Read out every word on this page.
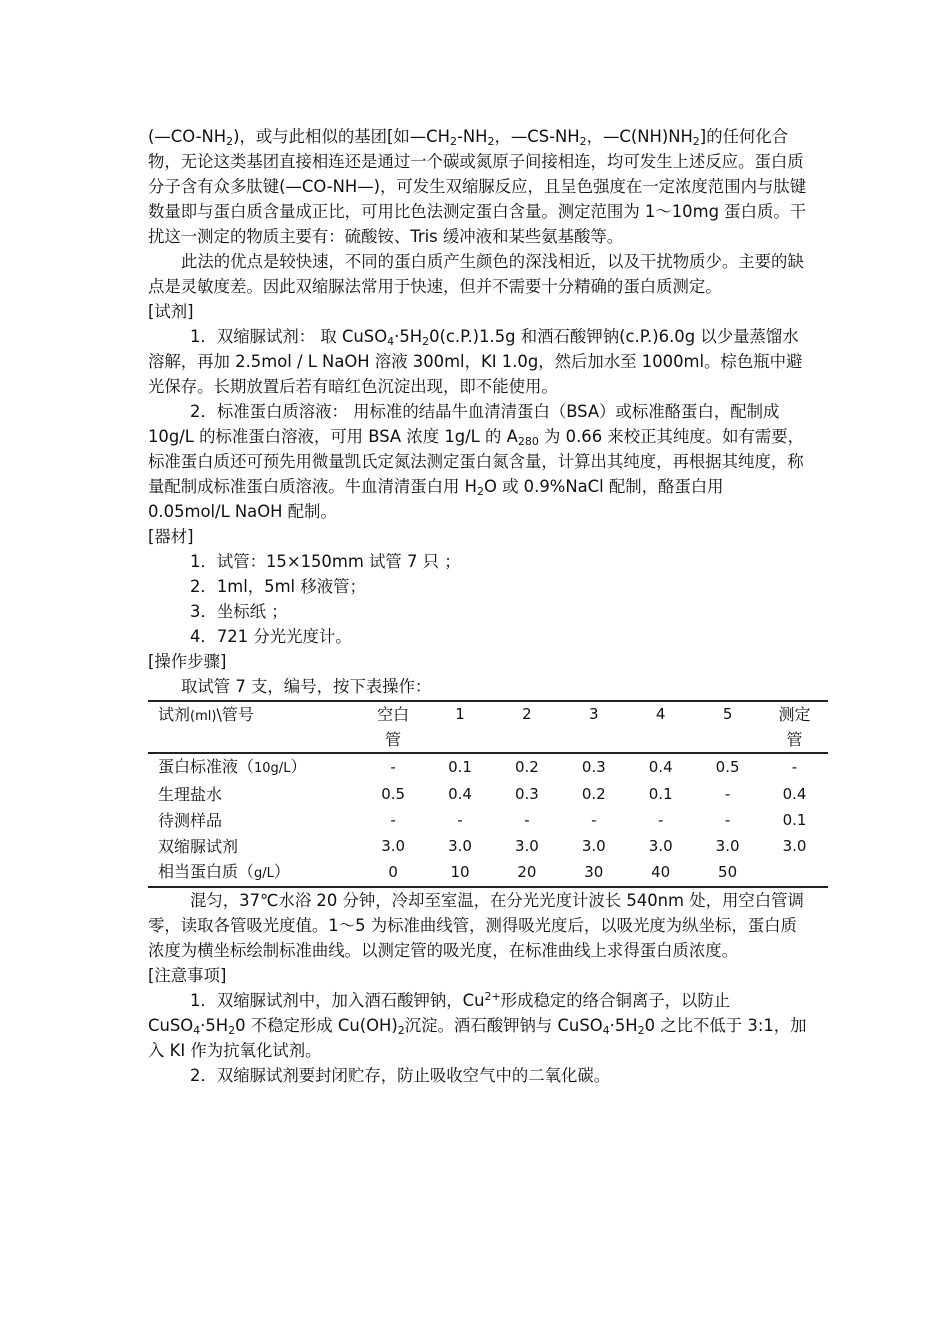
$(—CO-NH_2)$，或与此相似的基团[如$—CH_2-NH_2$，$—CS-NH_2$，$—C(NH)NH_2$]的任何化合物，无论这类基团直接相连还是通过一个碳或氮原子间接相连，均可发生上述反应。蛋白质分子含有众多肽键(—CO-NH—)，可发生双缩脲反应，且呈色强度在一定浓度范围内与肽键数量即与蛋白质含量成正比，可用比色法测定蛋白含量。测定范围为 1～10mg 蛋白质。干扰这一测定的物质主要有：硫酸铵、Tris 缓冲液和某些氨基酸等。

此法的优点是较快速，不同的蛋白质产生颜色的深浅相近，以及干扰物质少。主要的缺点是灵敏度差。因此双缩脲法常用于快速，但并不需要十分精确的蛋白质测定。

[试剂]

1．双缩脲试剂： 取 $CuSO_4\cdot 5H_20(c.P.)1.5g$ 和酒石酸钾钠(c.P.)6.0g 以少量蒸馏水溶解，再加 2.5mol / L NaOH 溶液 300ml，KI 1.0g，然后加水至 1000ml。棕色瓶中避光保存。长期放置后若有暗红色沉淀出现，即不能使用。

2．标准蛋白质溶液： 用标准的结晶牛血清清蛋白（BSA）或标准酪蛋白，配制成 10g/L 的标准蛋白溶液，可用 BSA 浓度 1g/L 的 $A_{280}$ 为 0.66 来校正其纯度。如有需要，标准蛋白质还可预先用微量凯氏定氮法测定蛋白氮含量，计算出其纯度，再根据其纯度，称量配制成标准蛋白质溶液。牛血清清蛋白用 $H_2O$ 或 0.9%NaCl 配制，酪蛋白用 0.05mol/L NaOH 配制。

[器材]

1．试管：15×150mm 试管 7 只 ；

2．1ml，5ml 移液管；

3．坐标纸 ；

4．721 分光光度计。

[操作步骤]

取试管 7 支，编号，按下表操作：

试剂(ml)\管号	空白管	1	2	3	4	5	测定管

蛋白标准液（10g/L）	-	0.1	0.2	0.3	0.4	0.5	-
生理盐水	0.5	0.4	0.3	0.2	0.1	-	0.4
待测样品	-	-	-	-	-	-	0.1
双缩脲试剂	3.0	3.0	3.0	3.0	3.0	3.0	3.0
相当蛋白质（g/L）	0	10	20	30	40	50	

混匀，37℃水浴 20 分钟，冷却至室温，在分光光度计波长 540nm 处，用空白管调零，读取各管吸光度值。1～5 为标准曲线管，测得吸光度后，以吸光度为纵坐标，蛋白质浓度为横坐标绘制标准曲线。以测定管的吸光度，在标准曲线上求得蛋白质浓度。

[注意事项]

1．双缩脲试剂中，加入酒石酸钾钠，$Cu^{2+}$形成稳定的络合铜离子，以防止 $CuSO_4\cdot 5H_20$ 不稳定形成 $Cu(OH)_2$沉淀。酒石酸钾钠与 $CuSO_4\cdot 5H_20$ 之比不低于 3:1，加入 KI 作为抗氧化试剂。

2．双缩脲试剂要封闭贮存，防止吸收空气中的二氧化碳。
